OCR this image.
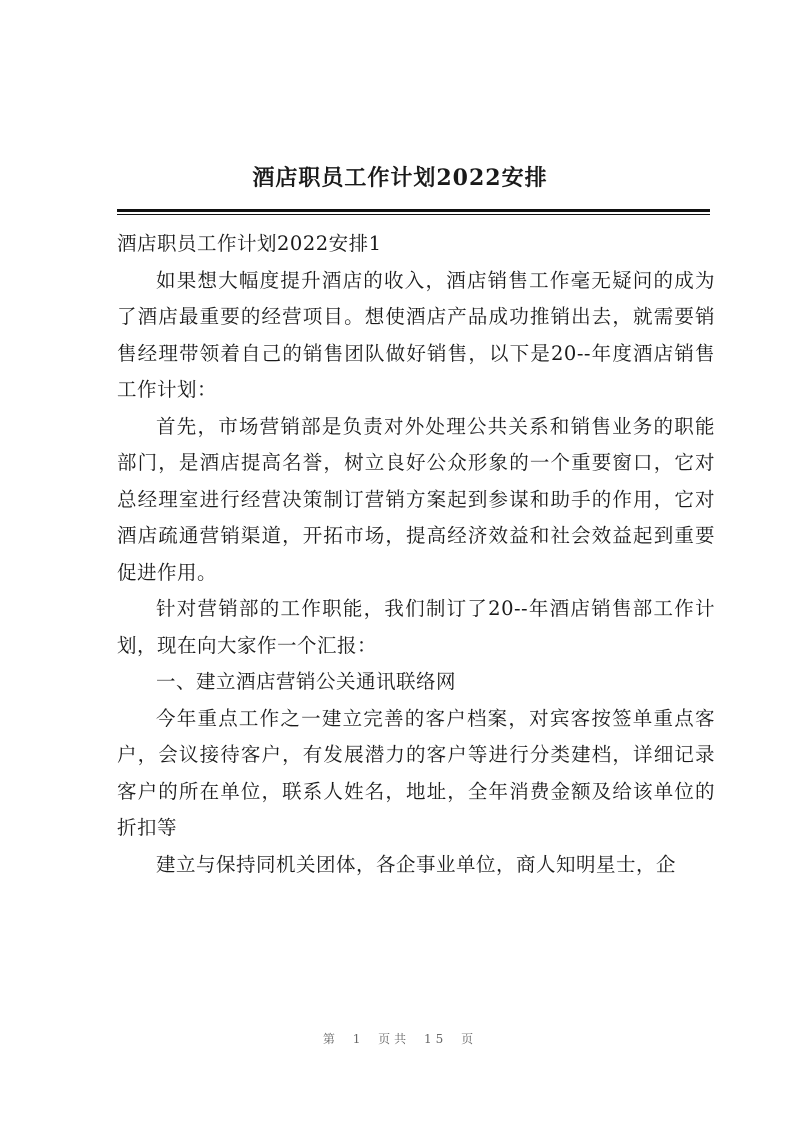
酒店职员工作计划2022安排

酒店职员工作计划2022安排1

如果想大幅度提升酒店的收入，酒店销售工作毫无疑问的成为了酒店最重要的经营项目。想使酒店产品成功推销出去，就需要销售经理带领着自己的销售团队做好销售，以下是20--年度酒店销售工作计划：

首先，市场营销部是负责对外处理公共关系和销售业务的职能部门，是酒店提高名誉，树立良好公众形象的一个重要窗口，它对总经理室进行经营决策制订营销方案起到参谋和助手的作用，它对酒店疏通营销渠道，开拓市场，提高经济效益和社会效益起到重要促进作用。

针对营销部的工作职能，我们制订了20--年酒店销售部工作计划，现在向大家作一个汇报：

一、建立酒店营销公关通讯联络网

今年重点工作之一建立完善的客户档案，对宾客按签单重点客户，会议接待客户，有发展潜力的客户等进行分类建档，详细记录客户的所在单位，联系人姓名，地址，全年消费金额及给该单位的折扣等

建立与保持同机关团体，各企事业单位，商人知明星士，企

第 1 页共 15 页
